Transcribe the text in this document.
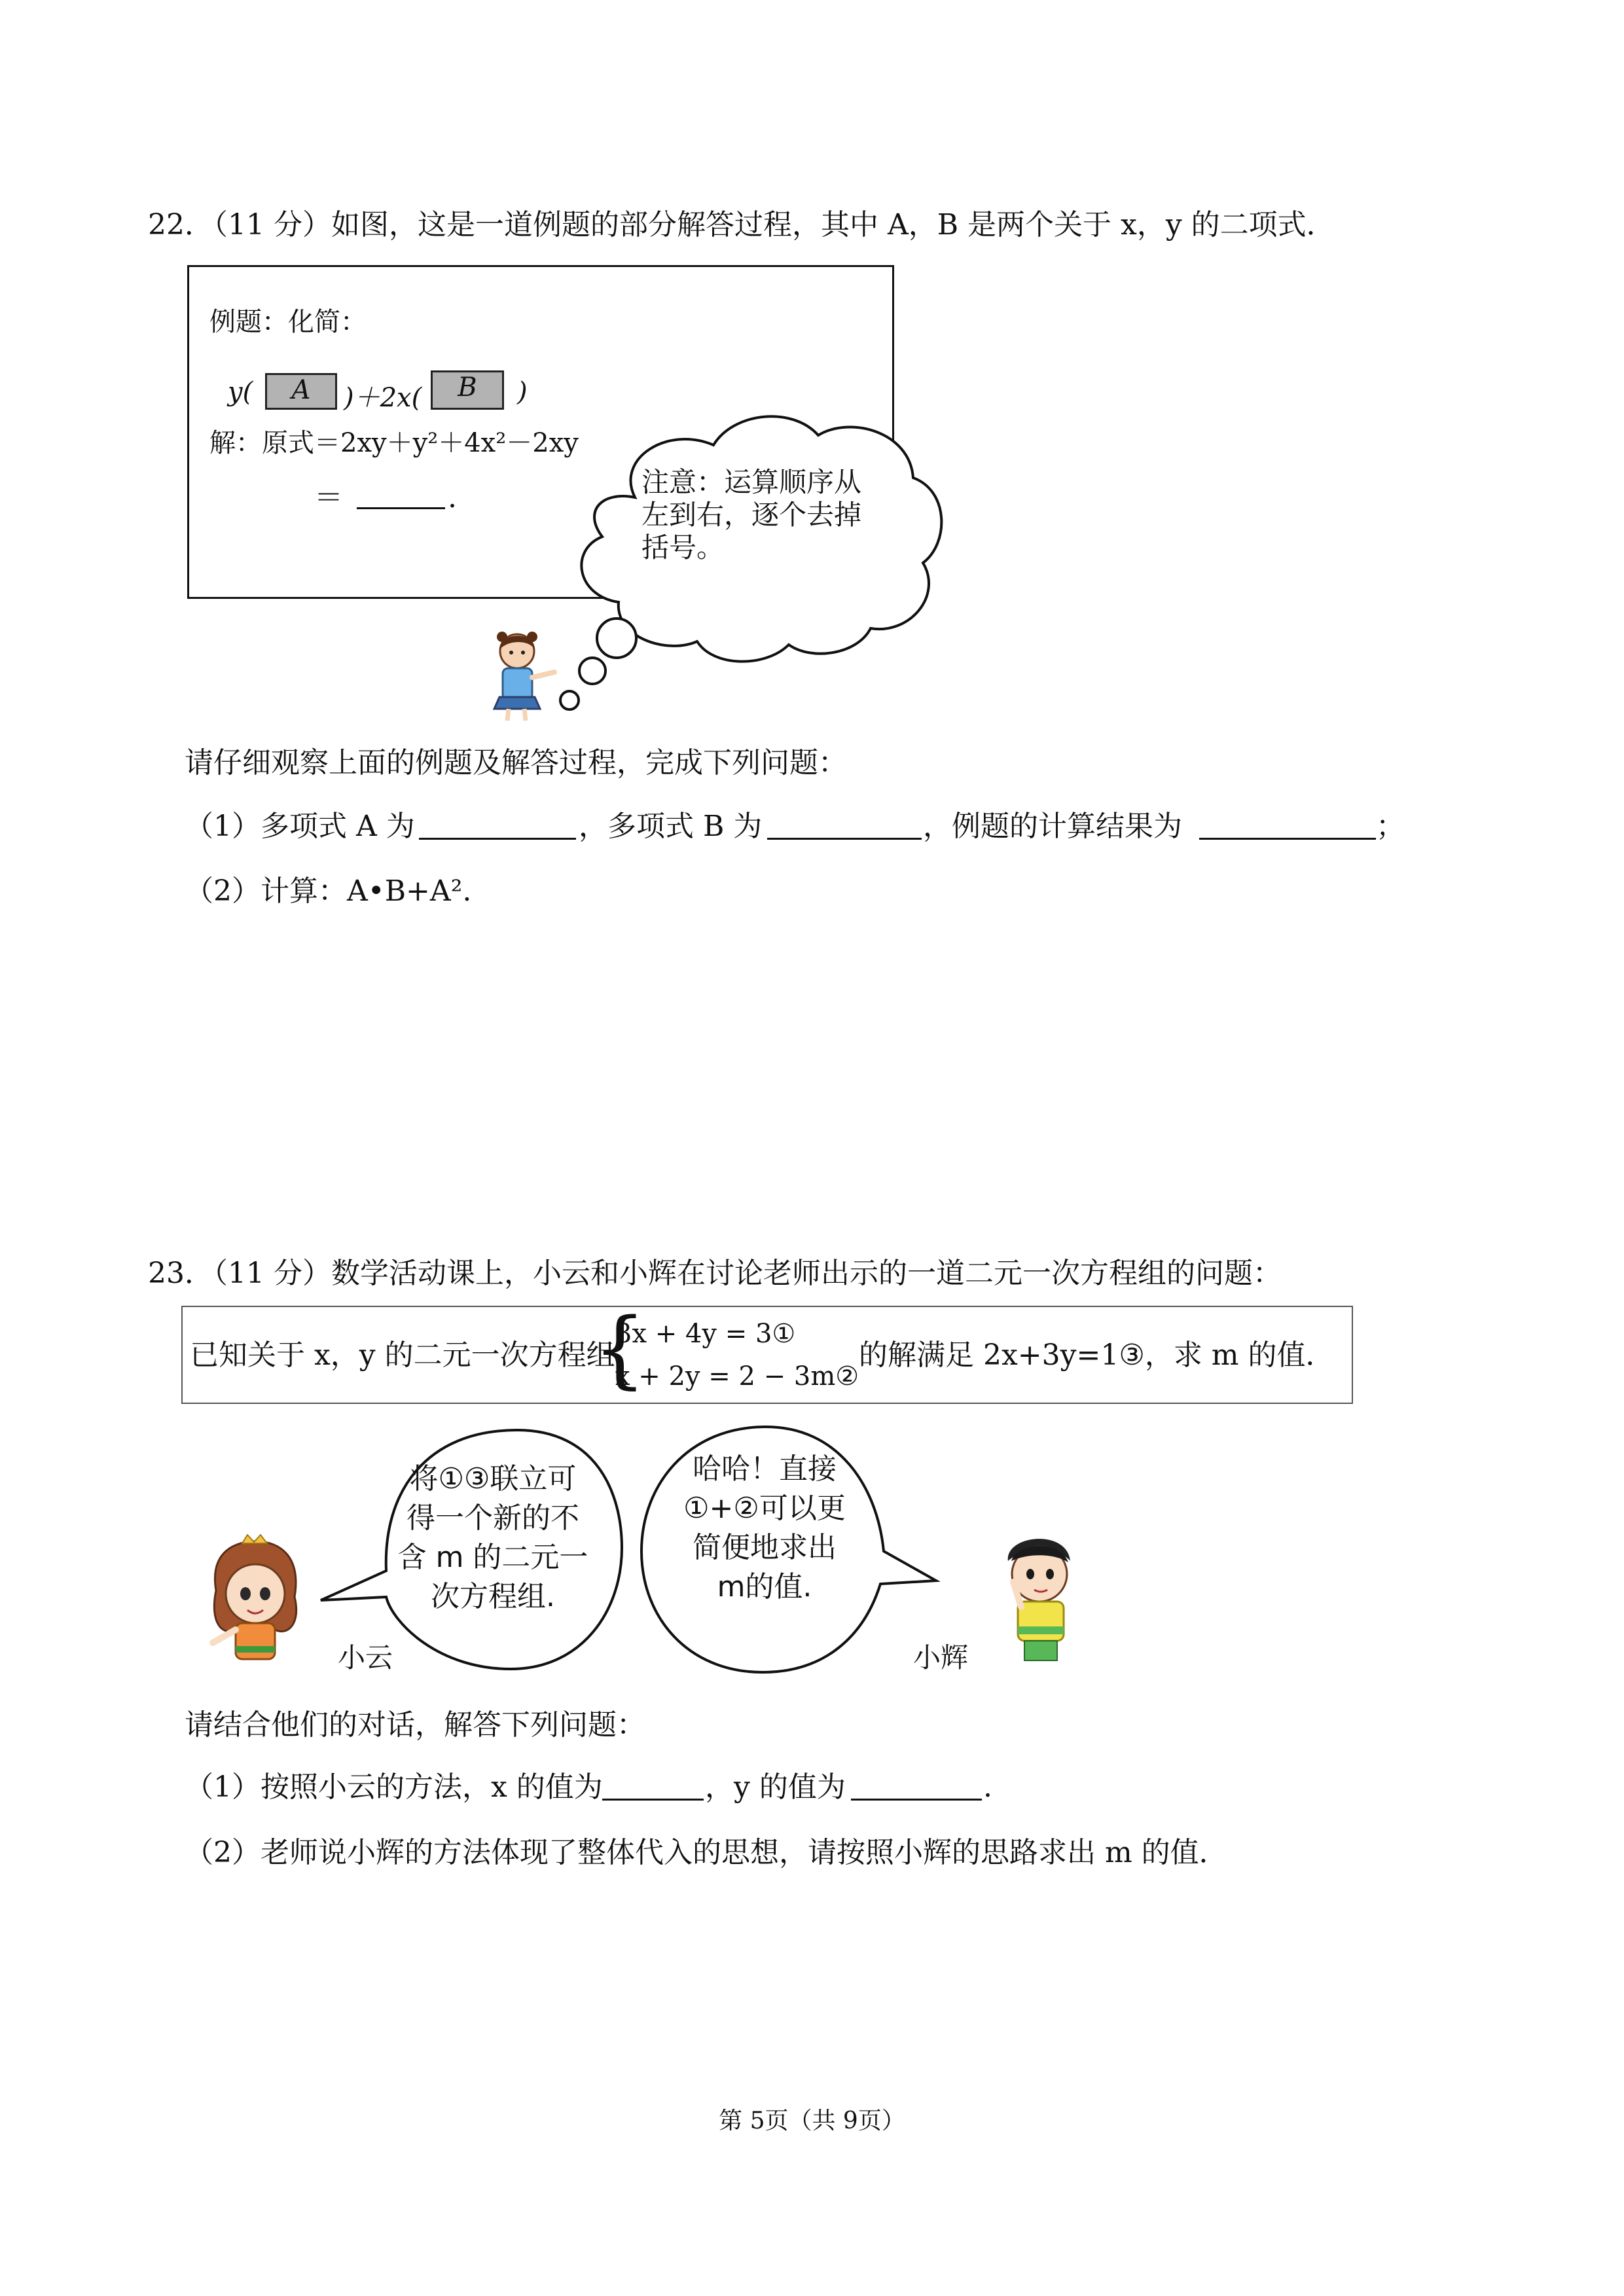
22．（11 分）如图，这是一道例题的部分解答过程，其中 A，B 是两个关于 x，y 的二项式．
例题：化简：
y(	A	)＋2x(	B	)
解：原式＝2xy＋y²＋4x²－2xy
＝	.	注意：运算顺序从
左到右，逐个去掉
括号。
请仔细观察上面的例题及解答过程，完成下列问题：
（1）多项式 A 为	，多项式 B 为	，例题的计算结果为	；
（2）计算：A•B+A².
23．（11 分）数学活动课上，小云和小辉在讨论老师出示的一道二元一次方程组的问题：
已知关于 x，y 的二元一次方程组
{
3x + 4y = 3①
x + 2y = 2 − 3m②
的解满足 2x+3y=1③，求 m 的值．
将①③联立可
得一个新的不
含 m 的二元一
次方程组.
哈哈！直接
①+②可以更
简便地求出
m的值.
小云	小辉
请结合他们的对话，解答下列问题：
（1）按照小云的方法，x 的值为	，y 的值为	.
（2）老师说小辉的方法体现了整体代入的思想，请按照小辉的思路求出 m 的值．
第 5页（共 9页）
